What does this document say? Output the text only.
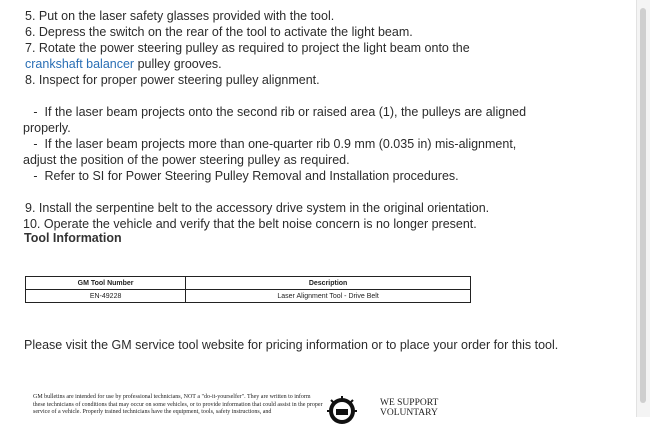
5. Put on the laser safety glasses provided with the tool.
6. Depress the switch on the rear of the tool to activate the light beam.
7. Rotate the power steering pulley as required to project the light beam onto the crankshaft balancer pulley grooves.
8. Inspect for proper power steering pulley alignment.
-  If the laser beam projects onto the second rib or raised area (1), the pulleys are aligned properly.
-  If the laser beam projects more than one-quarter rib 0.9 mm (0.035 in) mis-alignment, adjust the position of the power steering pulley as required.
-  Refer to SI for Power Steering Pulley Removal and Installation procedures.
9. Install the serpentine belt to the accessory drive system in the original orientation.
10. Operate the vehicle and verify that the belt noise concern is no longer present.
Tool Information
GM Tool Number	Description
EN-49228	Laser Alignment Tool - Drive Belt
Please visit the GM service tool website for pricing information or to place your order for this tool.
GM bulletins are intended for use by professional technicians, NOT a "do-it-yourselfer". They are written to inform these technicians of conditions that may occur on some vehicles, or to provide information that could assist in the proper service of a vehicle. Properly trained technicians have the equipment, tools, safety instructions, and
WE SUPPORT
VOLUNTARY
